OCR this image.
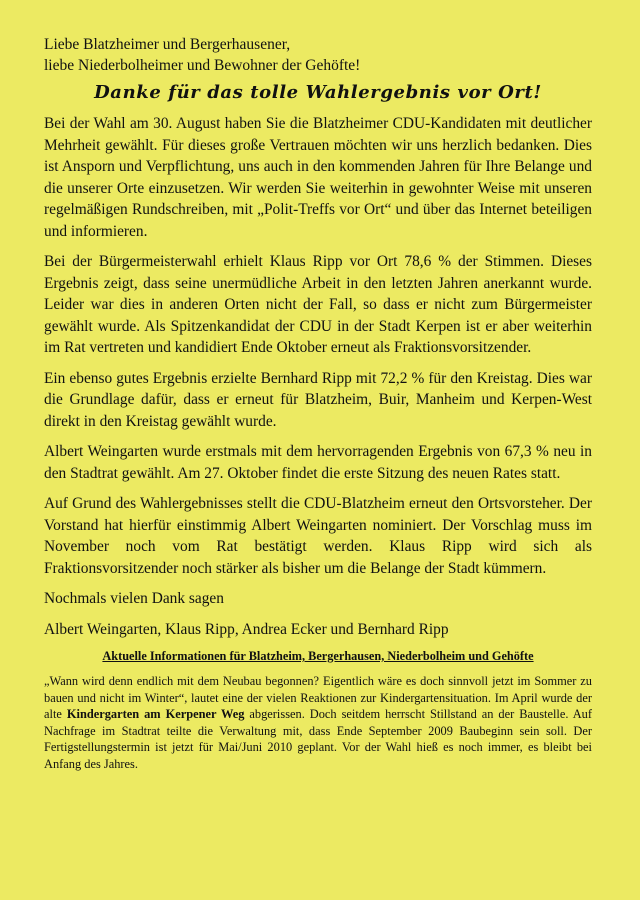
Liebe Blatzheimer und Bergerhausener,
liebe Niederbolheimer und Bewohner der Gehöfte!

Danke für das tolle Wahlergebnis vor Ort!

Bei der Wahl am 30. August haben Sie die Blatzheimer CDU-Kandidaten mit deutlicher Mehrheit gewählt. Für dieses große Vertrauen möchten wir uns herzlich bedanken. Dies ist Ansporn und Verpflichtung, uns auch in den kommenden Jahren für Ihre Belange und die unserer Orte einzusetzen. Wir werden Sie weiterhin in gewohnter Weise mit unseren regelmäßigen Rundschreiben, mit „Polit-Treffs vor Ort“ und über das Internet beteiligen und informieren.

Bei der Bürgermeisterwahl erhielt Klaus Ripp vor Ort 78,6 % der Stimmen. Dieses Ergebnis zeigt, dass seine unermüdliche Arbeit in den letzten Jahren anerkannt wurde. Leider war dies in anderen Orten nicht der Fall, so dass er nicht zum Bürgermeister gewählt wurde. Als Spitzenkandidat der CDU in der Stadt Kerpen ist er aber weiterhin im Rat vertreten und kandidiert Ende Oktober erneut als Fraktionsvorsitzender.

Ein ebenso gutes Ergebnis erzielte Bernhard Ripp mit 72,2 % für den Kreistag. Dies war die Grundlage dafür, dass er erneut für Blatzheim, Buir, Manheim und Kerpen-West direkt in den Kreistag gewählt wurde.

Albert Weingarten wurde erstmals mit dem hervorragenden Ergebnis von 67,3 % neu in den Stadtrat gewählt. Am 27. Oktober findet die erste Sitzung des neuen Rates statt.

Auf Grund des Wahlergebnisses stellt die CDU-Blatzheim erneut den Ortsvorsteher. Der Vorstand hat hierfür einstimmig Albert Weingarten nominiert. Der Vorschlag muss im November noch vom Rat bestätigt werden. Klaus Ripp wird sich als Fraktionsvorsitzender noch stärker als bisher um die Belange der Stadt kümmern.

Nochmals vielen Dank sagen

Albert Weingarten, Klaus Ripp, Andrea Ecker und Bernhard Ripp

Aktuelle Informationen für Blatzheim, Bergerhausen, Niederbolheim und Gehöfte

„Wann wird denn endlich mit dem Neubau begonnen? Eigentlich wäre es doch sinnvoll jetzt im Sommer zu bauen und nicht im Winter“, lautet eine der vielen Reaktionen zur Kindergartensituation. Im April wurde der alte Kindergarten am Kerpener Weg abgerissen. Doch seitdem herrscht Stillstand an der Baustelle. Auf Nachfrage im Stadtrat teilte die Verwaltung mit, dass Ende September 2009 Baubeginn sein soll. Der Fertigstellungstermin ist jetzt für Mai/Juni 2010 geplant. Vor der Wahl hieß es noch immer, es bleibt bei Anfang des Jahres.
